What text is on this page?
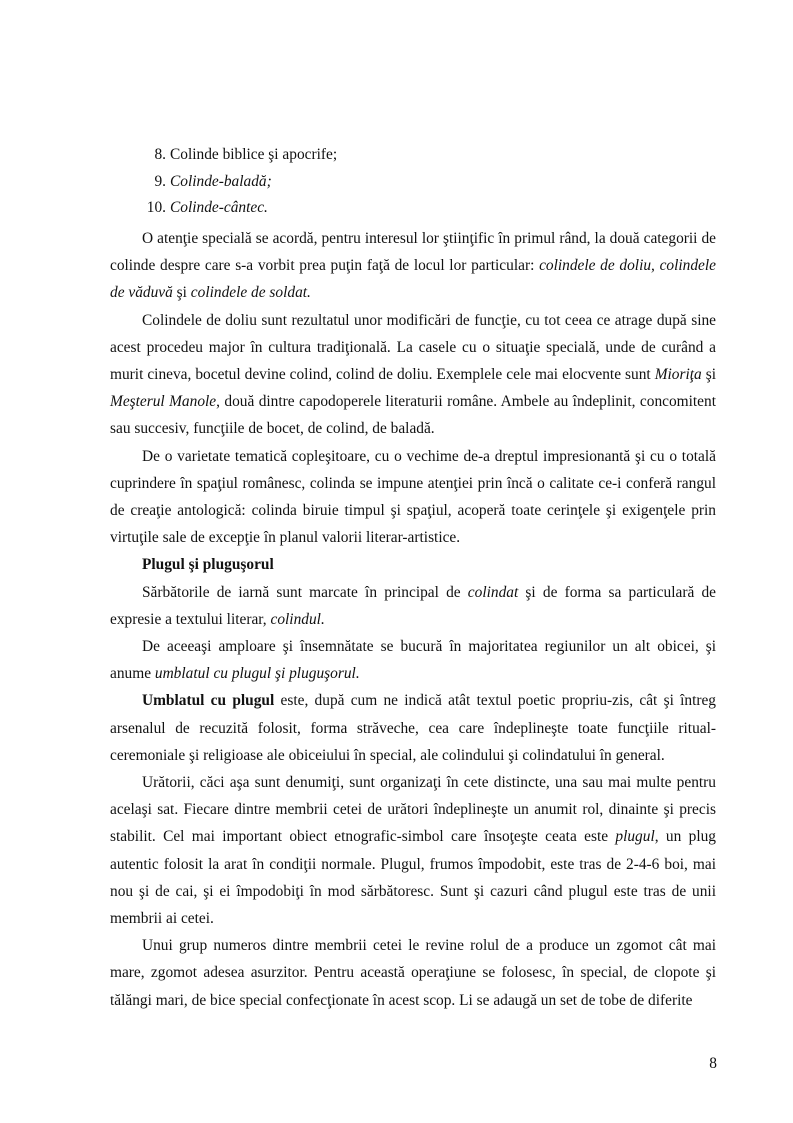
8. Colinde biblice şi apocrife;
9. Colinde-baladă;
10. Colinde-cântec.

O atenţie specială se acordă, pentru interesul lor ştiinţific în primul rând, la două categorii de colinde despre care s-a vorbit prea puţin faţă de locul lor particular: colindele de doliu, colindele de văduvă şi colindele de soldat.

Colindele de doliu sunt rezultatul unor modificări de funcţie, cu tot ceea ce atrage după sine acest procedeu major în cultura tradiţională. La casele cu o situaţie specială, unde de curând a murit cineva, bocetul devine colind, colind de doliu. Exemplele cele mai elocvente sunt Mioriţa şi Meşterul Manole, două dintre capodoperele literaturii române. Ambele au îndeplinit, concomitent sau succesiv, funcţiile de bocet, de colind, de baladă.

De o varietate tematică copleşitoare, cu o vechime de-a dreptul impresionantă şi cu o totală cuprindere în spaţiul românesc, colinda se impune atenţiei prin încă o calitate ce-i conferă rangul de creaţie antologică: colinda biruie timpul şi spaţiul, acoperă toate cerinţele şi exigenţele prin virtuţile sale de excepţie în planul valorii literar-artistice.

Plugul şi pluguşorul

Sărbătorile de iarnă sunt marcate în principal de colindat şi de forma sa particulară de expresie a textului literar, colindul.

De aceeaşi amploare şi însemnătate se bucură în majoritatea regiunilor un alt obicei, şi anume umblatul cu plugul şi pluguşorul.

Umblatul cu plugul este, după cum ne indică atât textul poetic propriu-zis, cât şi întreg arsenalul de recuzită folosit, forma străveche, cea care îndeplineşte toate funcţiile ritual-ceremoniale şi religioase ale obiceiului în special, ale colindului şi colindatului în general.

Urătorii, căci aşa sunt denumiţi, sunt organizaţi în cete distincte, una sau mai multe pentru acelaşi sat. Fiecare dintre membrii cetei de urători îndeplineşte un anumit rol, dinainte şi precis stabilit. Cel mai important obiect etnografic-simbol care însoţeşte ceata este plugul, un plug autentic folosit la arat în condiţii normale. Plugul, frumos împodobit, este tras de 2-4-6 boi, mai nou şi de cai, şi ei împodobiţi în mod sărbătoresc. Sunt şi cazuri când plugul este tras de unii membrii ai cetei.

Unui grup numeros dintre membrii cetei le revine rolul de a produce un zgomot cât mai mare, zgomot adesea asurzitor. Pentru această operaţiune se folosesc, în special, de clopote şi tălăngi mari, de bice special confecţionate în acest scop. Li se adaugă un set de tobe de diferite

8
